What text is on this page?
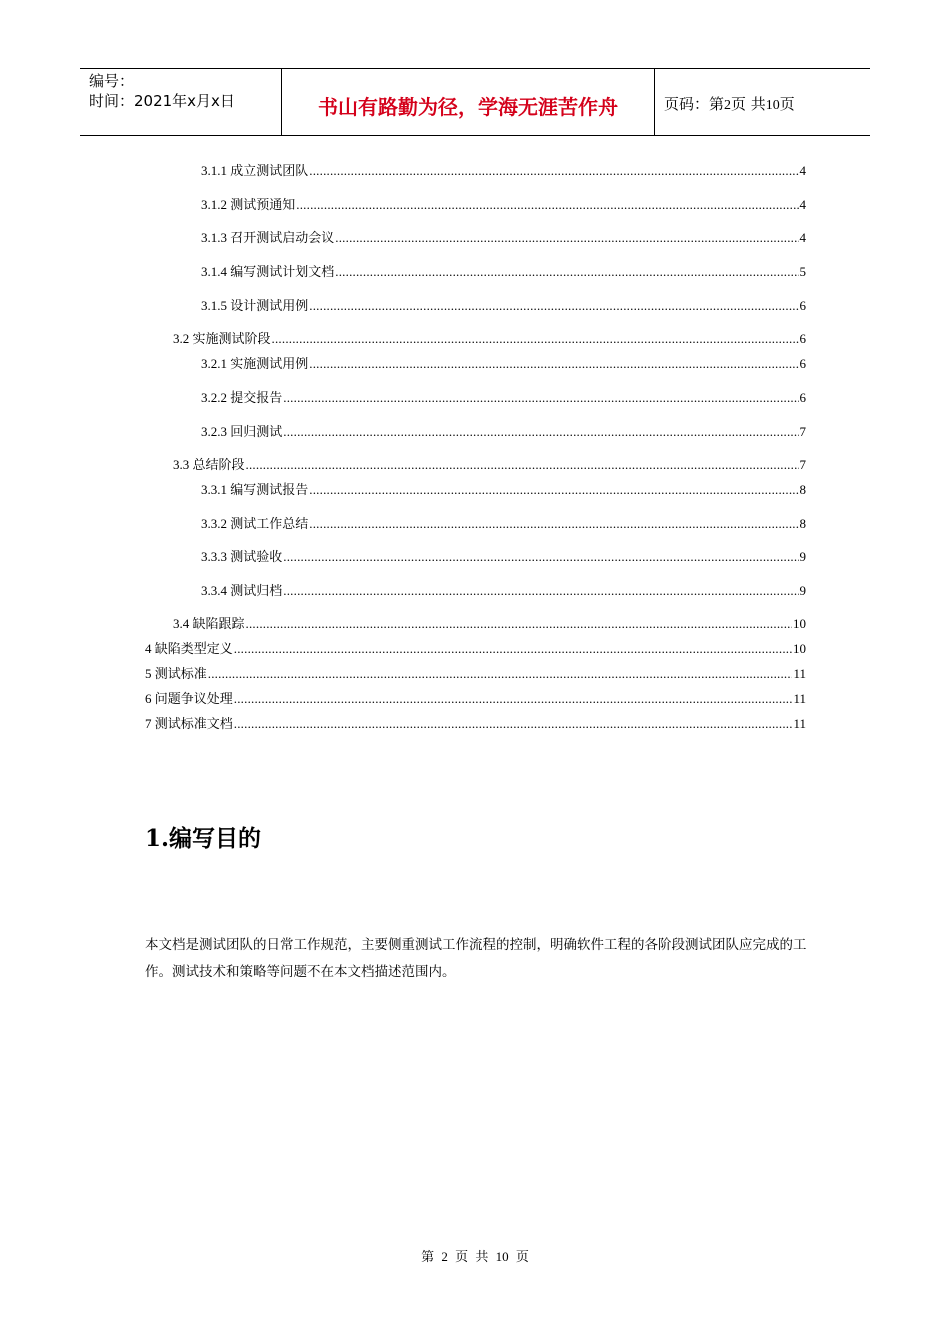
编号：
时间：2021年x月x日	书山有路勤为径，学海无涯苦作舟	页码：第2页 共10页
3.1.1 成立测试团队 .....	4
3.1.2 测试预通知 .....	4
3.1.3 召开测试启动会议 .....	4
3.1.4 编写测试计划文档 .....	5
3.1.5 设计测试用例 .....	6
3.2 实施测试阶段 .....	6
3.2.1 实施测试用例 .....	6
3.2.2 提交报告 .....	6
3.2.3 回归测试 .....	7
3.3 总结阶段 .....	7
3.3.1 编写测试报告 .....	8
3.3.2 测试工作总结 .....	8
3.3.3 测试验收 .....	9
3.3.4 测试归档 .....	9
3.4 缺陷跟踪 .....	10
4 缺陷类型定义 .....	10
5 测试标准 .....	11
6 问题争议处理 .....	11
7 测试标准文档 .....	11
1.编写目的
本文档是测试团队的日常工作规范，主要侧重测试工作流程的控制，明确软件工程的各阶段测试团队应完成的工作。测试技术和策略等问题不在本文档描述范围内。
第 2 页 共 10 页
